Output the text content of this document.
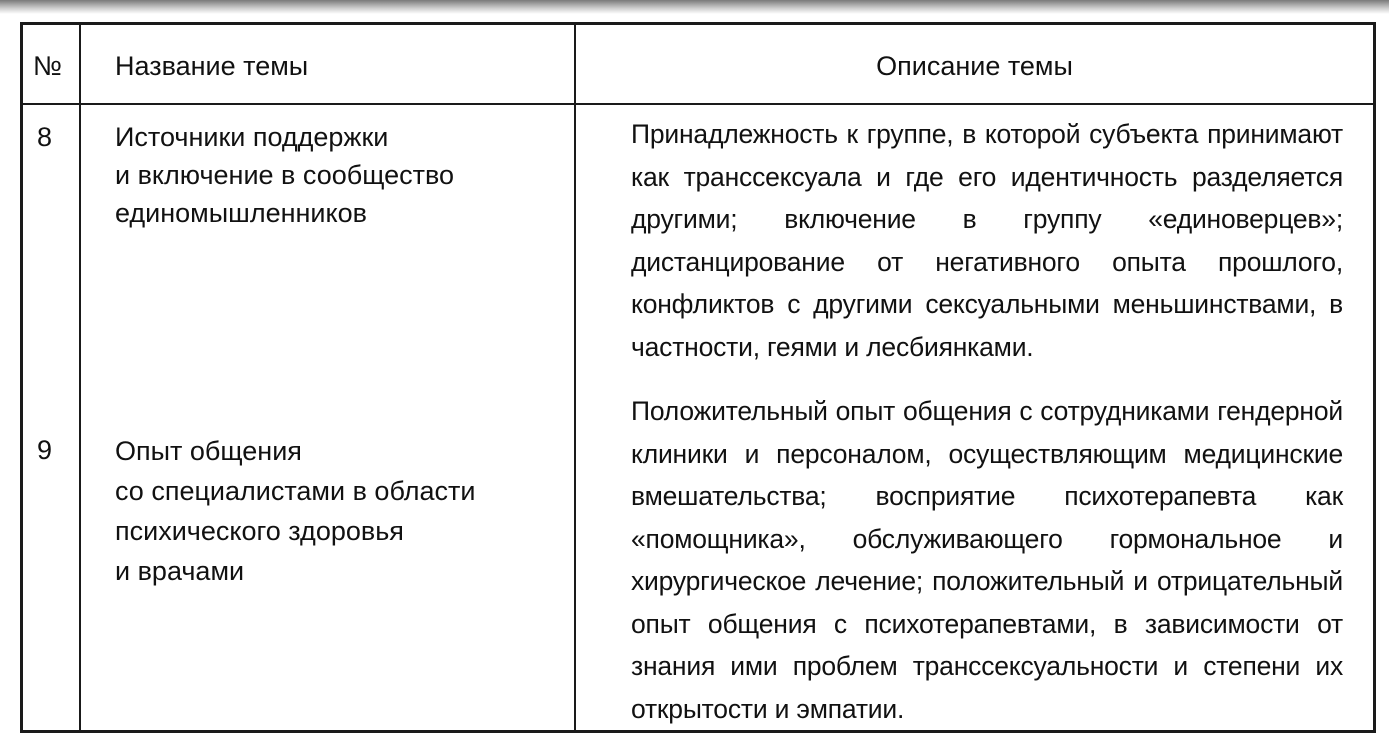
№ Название темы	Описание темы
8 Источники поддержки
и включение в сообщество
единомышленников
Принадлежность к группе, в которой субъекта принимают как транссексуала и где его идентичность разделяется другими; включение в группу «единоверцев»; дистанцирование от негативного опыта прошлого, конфликтов с другими сексуальными меньшинствами, в частности, геями и лесбиянками.
9 Опыт общения
со специалистами в области
психического здоровья
и врачами
Положительный опыт общения с сотрудниками гендерной клиники и персоналом, осуществляющим медицинские вмешательства; восприятие психотерапевта как «помощника», обслуживающего гормональное и хирургическое лечение; положительный и отрицательный опыт общения с психотерапевтами, в зависимости от знания ими проблем транссексуальности и степени их открытости и эмпатии.
